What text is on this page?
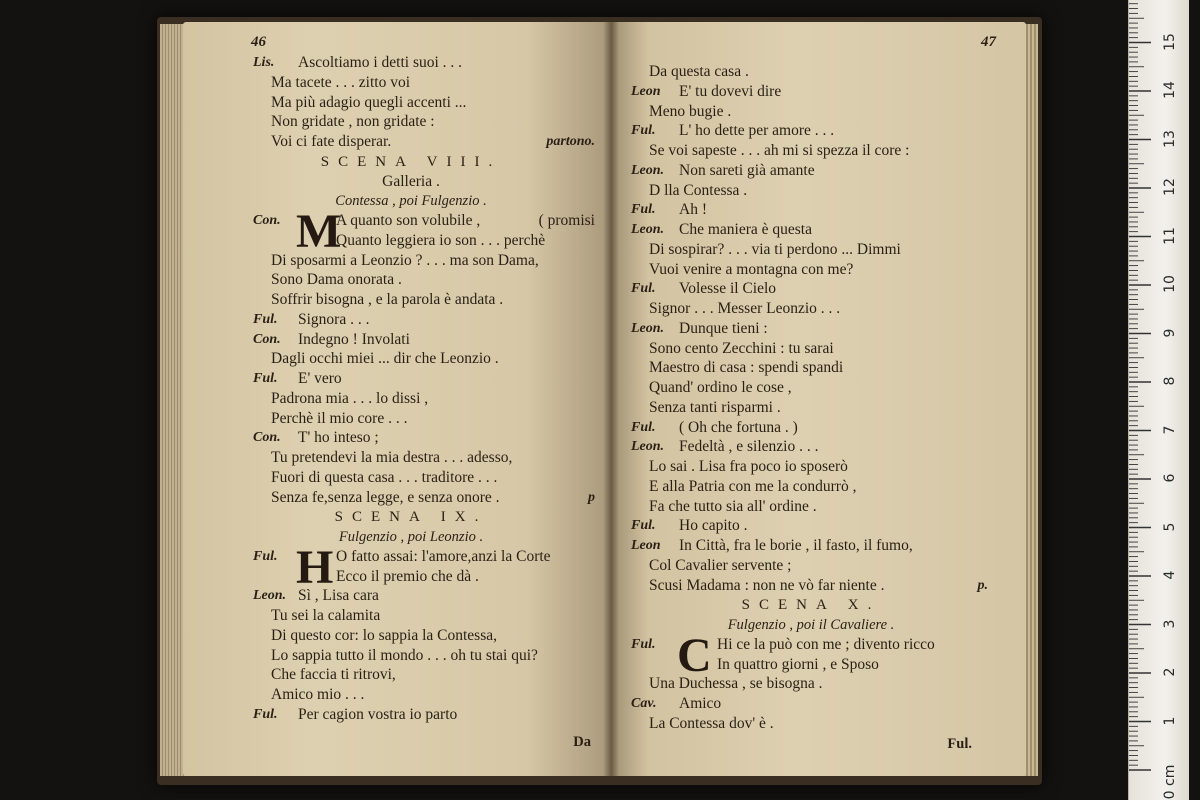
46
Lis. Ascoltiamo i detti suoi . . .
Ma tacete . . . zitto voi
Ma più adagio quegli accenti ...
Non gridate , non gridate :
Voi ci fate disperar.	partono.
SCENA VIII.
Galleria .
Contessa , poi Fulgenzio .
Con. M
A quanto son volubile ,	( promisi
Quanto leggiera io son . . . perchè
Di sposarmi a Leonzio ? . . . ma son Dama,
Sono Dama onorata .
Soffrir bisogna , e la parola è andata .
Ful. Signora . . .
Con. Indegno ! Involati
Dagli occhi miei ... dir che Leonzio .
Ful. E' vero
Padrona mia . . . lo dissi ,
Perchè il mio core . . .
Con. T' ho inteso ;
Tu pretendevi la mia destra . . . adesso,
Fuori di questa casa . . . traditore . . .
Senza fe,senza legge, e senza onore .	p
SCENA IX.
Fulgenzio , poi Leonzio .
Ful. H O fatto assai: l'amore,anzi la Corte
Ecco il premio che dà .
Leon. Sì , Lisa cara
Tu sei la calamita
Di questo cor: lo sappia la Contessa,
Lo sappia tutto il mondo . . . oh tu stai qui?
Che faccia ti ritrovi,
Amico mio . . .
Ful. Per cagion vostra io parto
Da
47
Da questa casa .
Leon E' tu dovevi dire
Meno bugie .
Ful. L' ho dette per amore . . .
Se voi sapeste . . . ah mi si spezza il core :
Leon. Non sareti già amante
D lla Contessa .
Ful. Ah !
Leon. Che maniera è questa
Di sospirar? . . . via ti perdono ... Dimmi
Vuoi venire a montagna con me?
Ful. Volesse il Cielo
Signor . . . Messer Leonzio . . .
Leon. Dunque tieni :
Sono cento Zecchini : tu sarai
Maestro di casa : spendi spandi
Quand' ordino le cose ,
Senza tanti risparmi .
Ful. ( Oh che fortuna . )
Leon. Fedeltà , e silenzio . . .
Lo sai . Lisa fra poco io sposerò
E alla Patria con me la condurrò ,
Fa che tutto sia all' ordine .
Ful. Ho capito .
Leon In Città, fra le borie , il fasto, il fumo,
Col Cavalier servente ;
Scusi Madama : non ne vò far niente .	p.
SCENA X.
Fulgenzio , poi il Cavaliere .
Ful. C Hi ce la può con me ; divento ricco
In quattro giorni , e Sposo
Una Duchessa , se bisogna .
Cav. Amico
La Contessa dov' è .
Ful.
0 cm
1
2
3
4
5
6
7
8
9
10
11
12
13
14
15
